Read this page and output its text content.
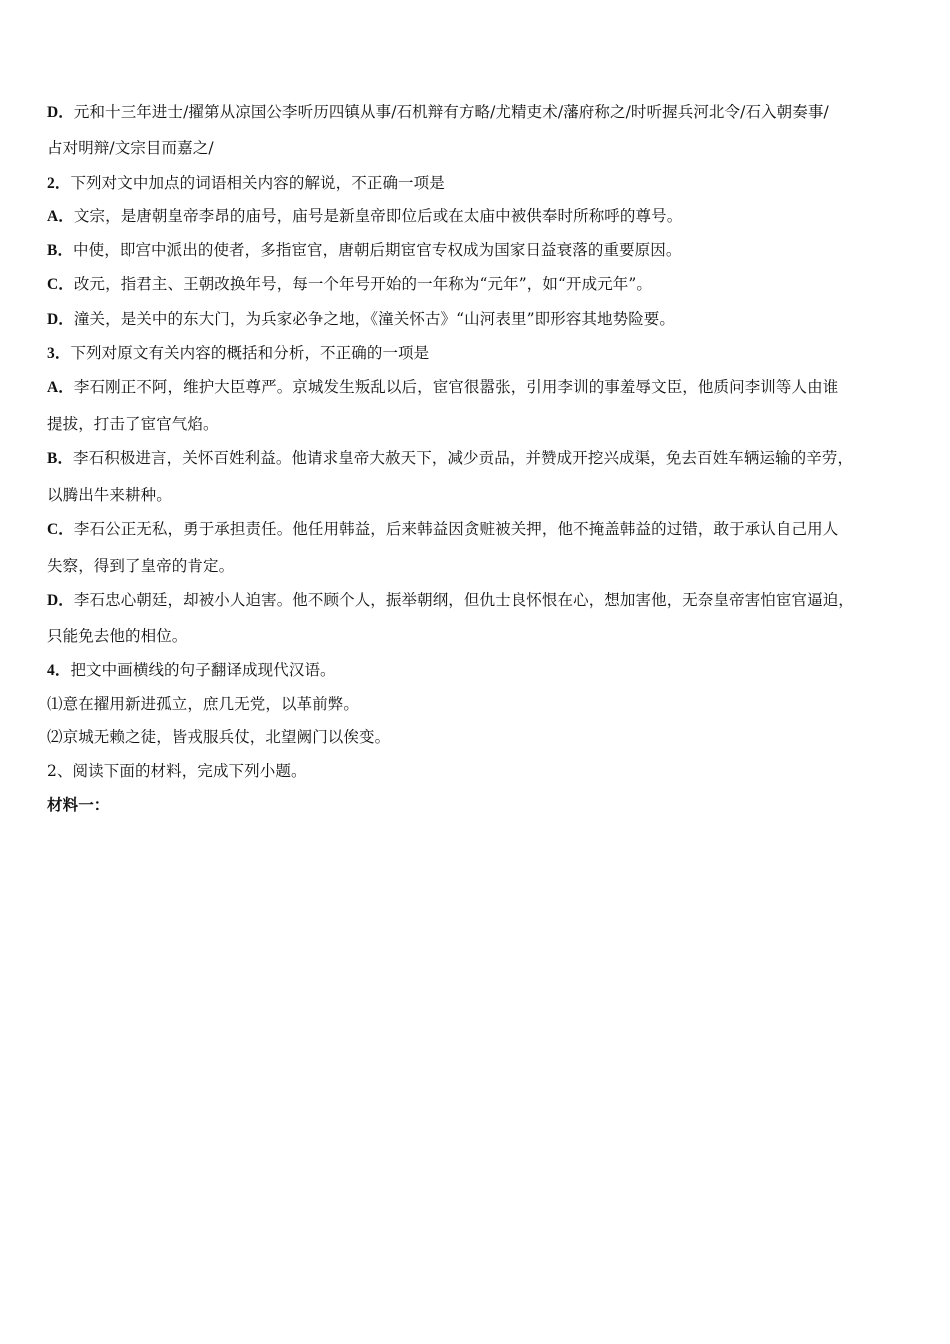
D．元和十三年进士/擢第从凉国公李听历四镇从事/石机辩有方略/尤精吏术/藩府称之/时听握兵河北令/石入朝奏事/
占对明辩/文宗目而嘉之/
2．下列对文中加点的词语相关内容的解说，不正确一项是
A．文宗，是唐朝皇帝李昂的庙号，庙号是新皇帝即位后或在太庙中被供奉时所称呼的尊号。
B．中使，即宫中派出的使者，多指宦官，唐朝后期宦官专权成为国家日益衰落的重要原因。
C．改元，指君主、王朝改换年号，每一个年号开始的一年称为“元年”，如“开成元年”。
D．潼关，是关中的东大门，为兵家必争之地，《潼关怀古》“山河表里”即形容其地势险要。
3．下列对原文有关内容的概括和分析，不正确的一项是
A．李石刚正不阿，维护大臣尊严。京城发生叛乱以后，宦官很嚣张，引用李训的事羞辱文臣，他质问李训等人由谁
提拔，打击了宦官气焰。
B．李石积极进言，关怀百姓利益。他请求皇帝大赦天下，减少贡品，并赞成开挖兴成渠，免去百姓车辆运输的辛劳，
以腾出牛来耕种。
C．李石公正无私，勇于承担责任。他任用韩益，后来韩益因贪赃被关押，他不掩盖韩益的过错，敢于承认自己用人
失察，得到了皇帝的肯定。
D．李石忠心朝廷，却被小人迫害。他不顾个人，振举朝纲，但仇士良怀恨在心，想加害他，无奈皇帝害怕宦官逼迫，
只能免去他的相位。
4．把文中画横线的句子翻译成现代汉语。
⑴意在擢用新进孤立，庶几无党，以革前弊。
⑵京城无赖之徒，皆戎服兵仗，北望阙门以俟变。
2、阅读下面的材料，完成下列小题。
材料一：
